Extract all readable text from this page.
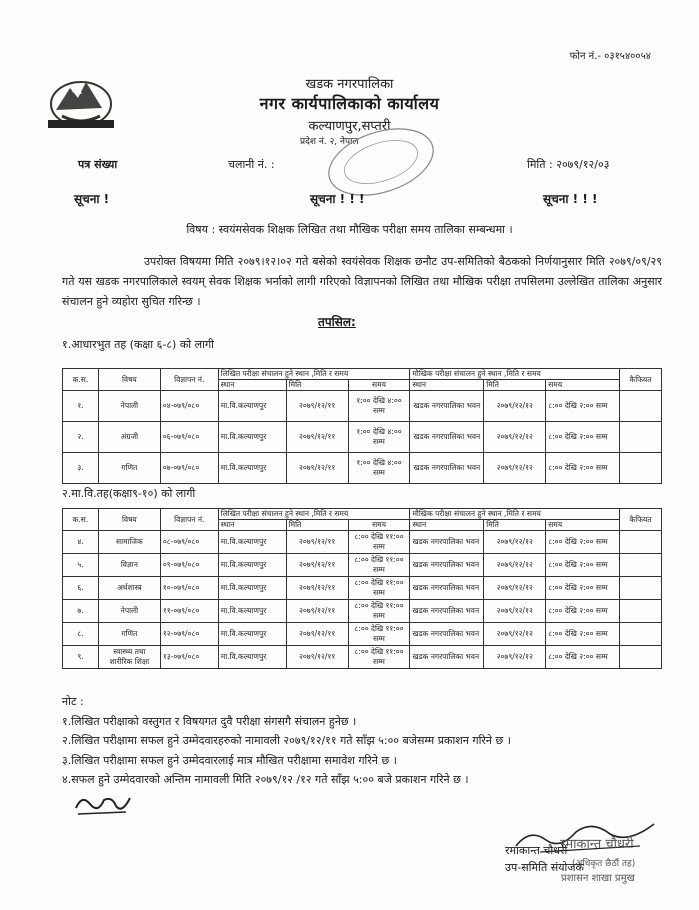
फोन नं.- ०३१५४००५४
खडक नगरपालिका
नगर कार्यपालिकाको कार्यालय
कल्याणपुर,सप्तरी
प्रदेश नं. २, नेपाल
पत्र संख्या	चलानी नं. :	मिति : २०७९/१२/०३
सूचना !	सूचना ! ! !	सूचना ! ! !
विषय : स्वयंमसेवक शिक्षक लिखित तथा मौखिक परीक्षा समय तालिका सम्बन्धमा ।
उपरोक्त विषयमा मिति २०७९।१२।०२ गते बसेको स्वयंसेवक शिक्षक छनौट उप-समितिको बैठकको निर्णयानुसार मिति २०७९/०९/२९ गते यस खडक नगरपालिकाले स्वयम् सेवक शिक्षक भर्नाको लागी गरिएको विज्ञापनको लिखित तथा मौखिक परीक्षा तपसिलमा उल्लेखित तालिका अनुसार संचालन हुने व्यहोरा सुचित गरिन्छ ।
तपसिल:
१.आधारभुत तह (कक्षा ६-८) को लागी
क.स.	विषय	विज्ञापन नं.	लिखित परीक्षा संचालन हुने स्थान ,मिति र समय			मौखिक परीक्षा संचालन हुने स्थान ,मिति र समय			कैफियत
			स्थान	मिति	समय	स्थान	मिति	समय	
१.	नेपाली	०४-०७९/०८०	मा.वि.कल्याणपुर	२०७९/१२/११	१:०० देखि ४:०० सम्म	खडक नगरपालिका भवन	२०७९/१२/१२	८:०० देखि २:०० सम्म	
२.	अंग्रजी	०६-०७९/०८०	मा.वि.कल्याणपुर	२०७९/१२/११	१:०० देखि ४:०० सम्म	खडक नगरपालिका भवन	२०७९/१२/१२	८:०० देखि २:०० सम्म	
३.	गणित	०७-०७९/०८०	मा.वि.कल्याणपुर	२०७९/१२/११	१:०० देखि ४:०० सम्म	खडक नगरपालिका भवन	२०७९/१२/१२	८:०० देखि २:०० सम्म	
२.मा.वि.तह(कक्षा९-१०) को लागी
क.स.	विषय	विज्ञापन नं.	लिखित परीक्षा संचालन हुने स्थान ,मिति र समय			मौखिक परीक्षा संचालन हुने स्थान ,मिति र समय			कैफियत
			स्थान	मिति	समय	स्थान	मिति	समय	
४.	सामाजिक	०८-०७९/०८०	मा.वि.कल्याणपुर	२०७९/१२/११	८:०० देखि ११:०० सम्म	खडक नगरपालिका भवन	२०७९/१२/१२	८:०० देखि २:०० सम्म	
५.	विज्ञान	०९-०७९/०८०	मा.वि.कल्याणपुर	२०७९/१२/११	८:०० देखि ११:०० सम्म	खडक नगरपालिका भवन	२०७९/१२/१२	८:०० देखि २:०० सम्म	
६.	अर्थशास्त्र	१०-०७९/०८०	मा.वि.कल्याणपुर	२०७९/१२/११	८:०० देखि ११:०० सम्म	खडक नगरपालिका भवन	२०७९/१२/१२	८:०० देखि २:०० सम्म	
७.	नेपाली	११-०७९/०८०	मा.वि.कल्याणपुर	२०७९/१२/११	८:०० देखि ११:०० सम्म	खडक नगरपालिका भवन	२०७९/१२/१२	८:०० देखि २:०० सम्म	
८.	गणित	१२-०७९/०८०	मा.वि.कल्याणपुर	२०७९/१२/११	८:०० देखि ११:०० सम्म	खडक नगरपालिका भवन	२०७९/१२/१२	८:०० देखि २:०० सम्म	
९.	स्वास्थ्य तथा शारीरिक शिक्षा	१३-०७९/०८०	मा.वि.कल्याणपुर	२०७९/१२/११	८:०० देखि ११:०० सम्म	खडक नगरपालिका भवन	२०७९/१२/१२	८:०० देखि २:०० सम्म	
नोट :
१.लिखित परीक्षाको वस्तुगत र विषयगत दुवै परीक्षा संगसगै संचालन हुनेछ ।
२.लिखित परीक्षामा सफल हुने उम्मेदवारहरुको नामावली २०७९/१२/११ गते साँझ ५:०० बजेसम्म प्रकाशन गरिने छ ।
३.लिखित परीक्षामा सफल हुने उम्मेदवारलाई मात्र मौखित परीक्षामा समावेश गरिने छ ।
४.सफल हुने उम्मेदवारको अन्तिम नामावली मिति २०७९/१२ /१२ गते साँझ ५:०० बजे प्रकाशन गरिने छ ।
रमाकान्त चौधरी
(अधिकृत छैठौं तह)
प्रशासन शाखा प्रमुख
रमाकान्त चौधरी
उप-समिति संयोजक
